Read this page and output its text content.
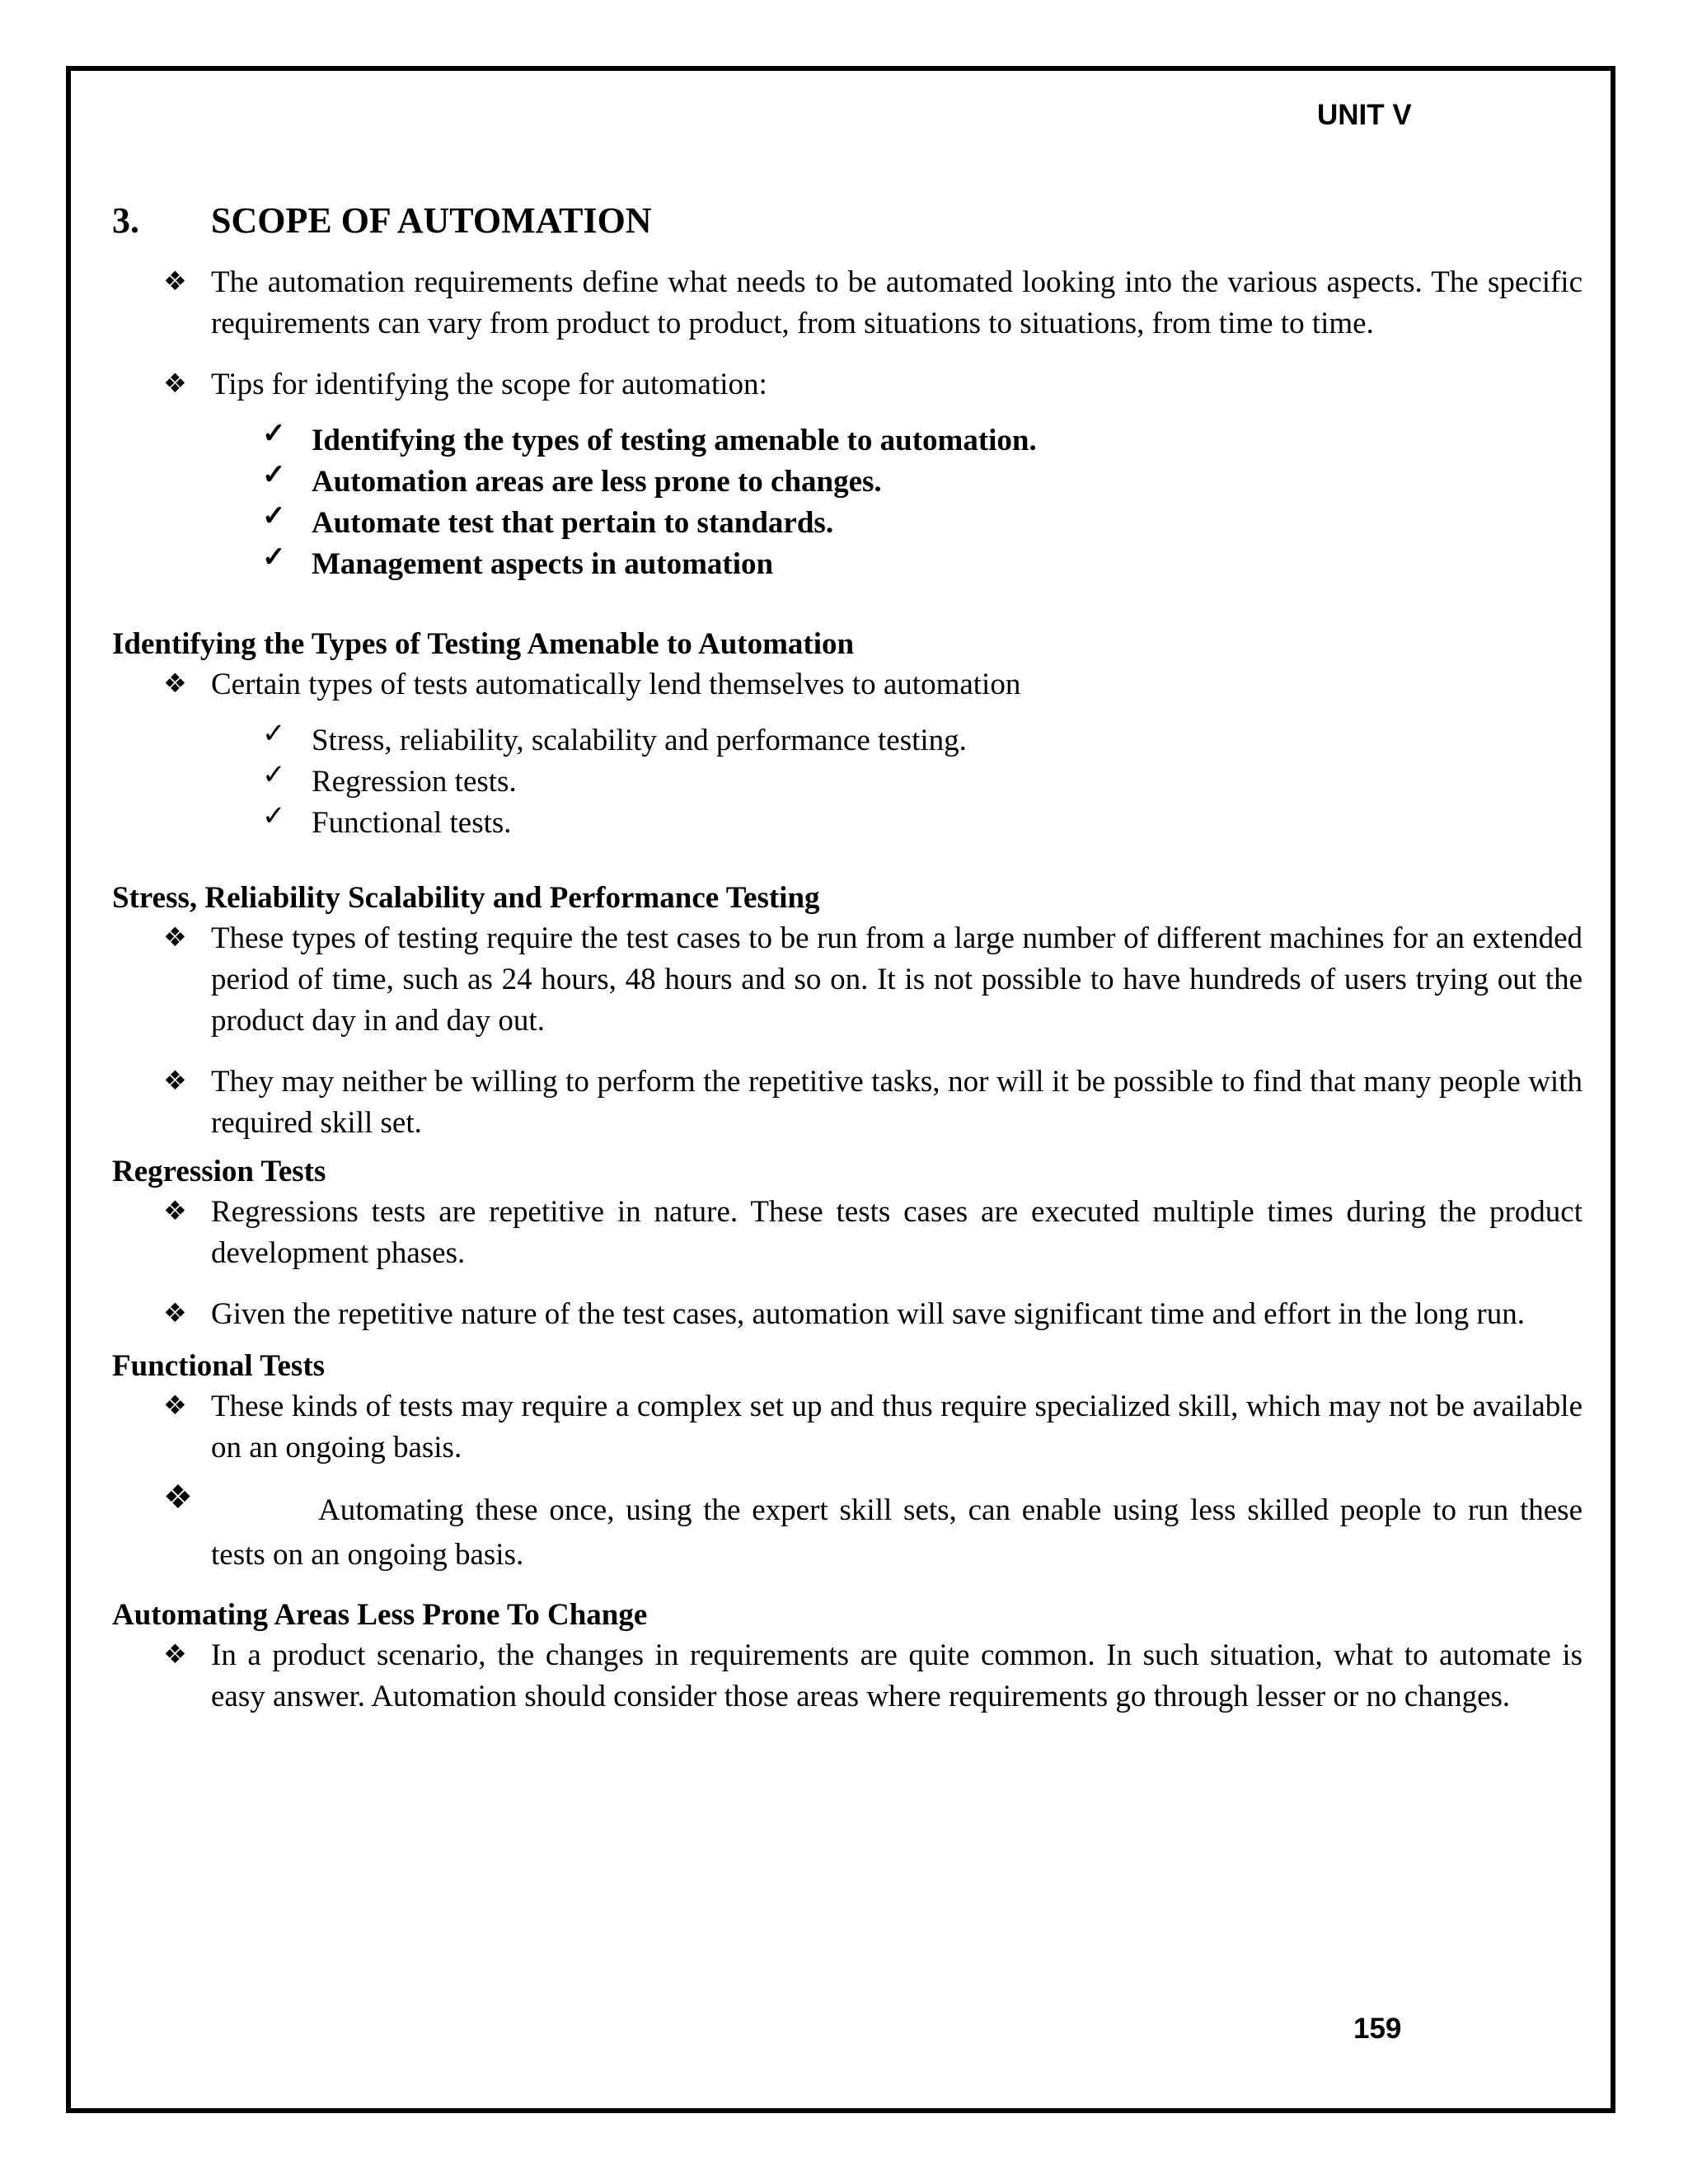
UNIT V
3.	SCOPE OF AUTOMATION

❖ The automation requirements define what needs to be automated looking into the various aspects. The specific requirements can vary from product to product, from situations to situations, from time to time.

❖ Tips for identifying the scope for automation:

✓ Identifying the types of testing amenable to automation.

✓ Automation areas are less prone to changes.

✓ Automate test that pertain to standards.

✓ Management aspects in automation

Identifying the Types of Testing Amenable to Automation

❖ Certain types of tests automatically lend themselves to automation

✓ Stress, reliability, scalability and performance testing.

✓ Regression tests.

✓ Functional tests.

Stress, Reliability Scalability and Performance Testing

❖ These types of testing require the test cases to be run from a large number of different machines for an extended period of time, such as 24 hours, 48 hours and so on. It is not possible to have hundreds of users trying out the product day in and day out.

❖ They may neither be willing to perform the repetitive tasks, nor will it be possible to find that many people with required skill set.

Regression Tests

❖ Regressions tests are repetitive in nature. These tests cases are executed multiple times during the product development phases.

❖ Given the repetitive nature of the test cases, automation will save significant time and effort in the long run.

Functional Tests

❖ These kinds of tests may require a complex set up and thus require specialized skill, which may not be available on an ongoing basis.

❖	Automating these once, using the expert skill sets, can enable using less skilled people to run these tests on an ongoing basis.

Automating Areas Less Prone To Change

❖ In a product scenario, the changes in requirements are quite common. In such situation, what to automate is easy answer. Automation should consider those areas where requirements go through lesser or no changes.

159
